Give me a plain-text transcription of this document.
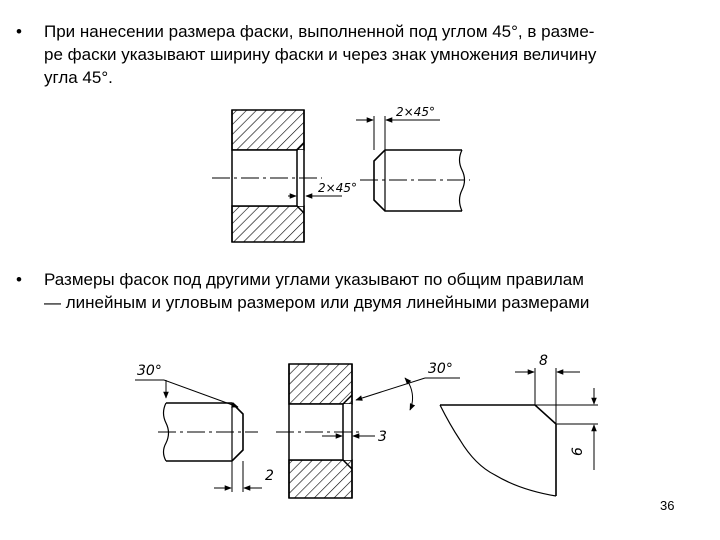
• При нанесении размера фаски, выполненной под углом 45°, в разме-
ре фаски указывают ширину фаски и через знак умножения величину
угла 45°.
• Размеры фасок под другими углами указывают по общим правилам
— линейным и угловым размером или двумя линейными размерами
2×45°
2×45°
30°
2
3
30°	8
6
36
